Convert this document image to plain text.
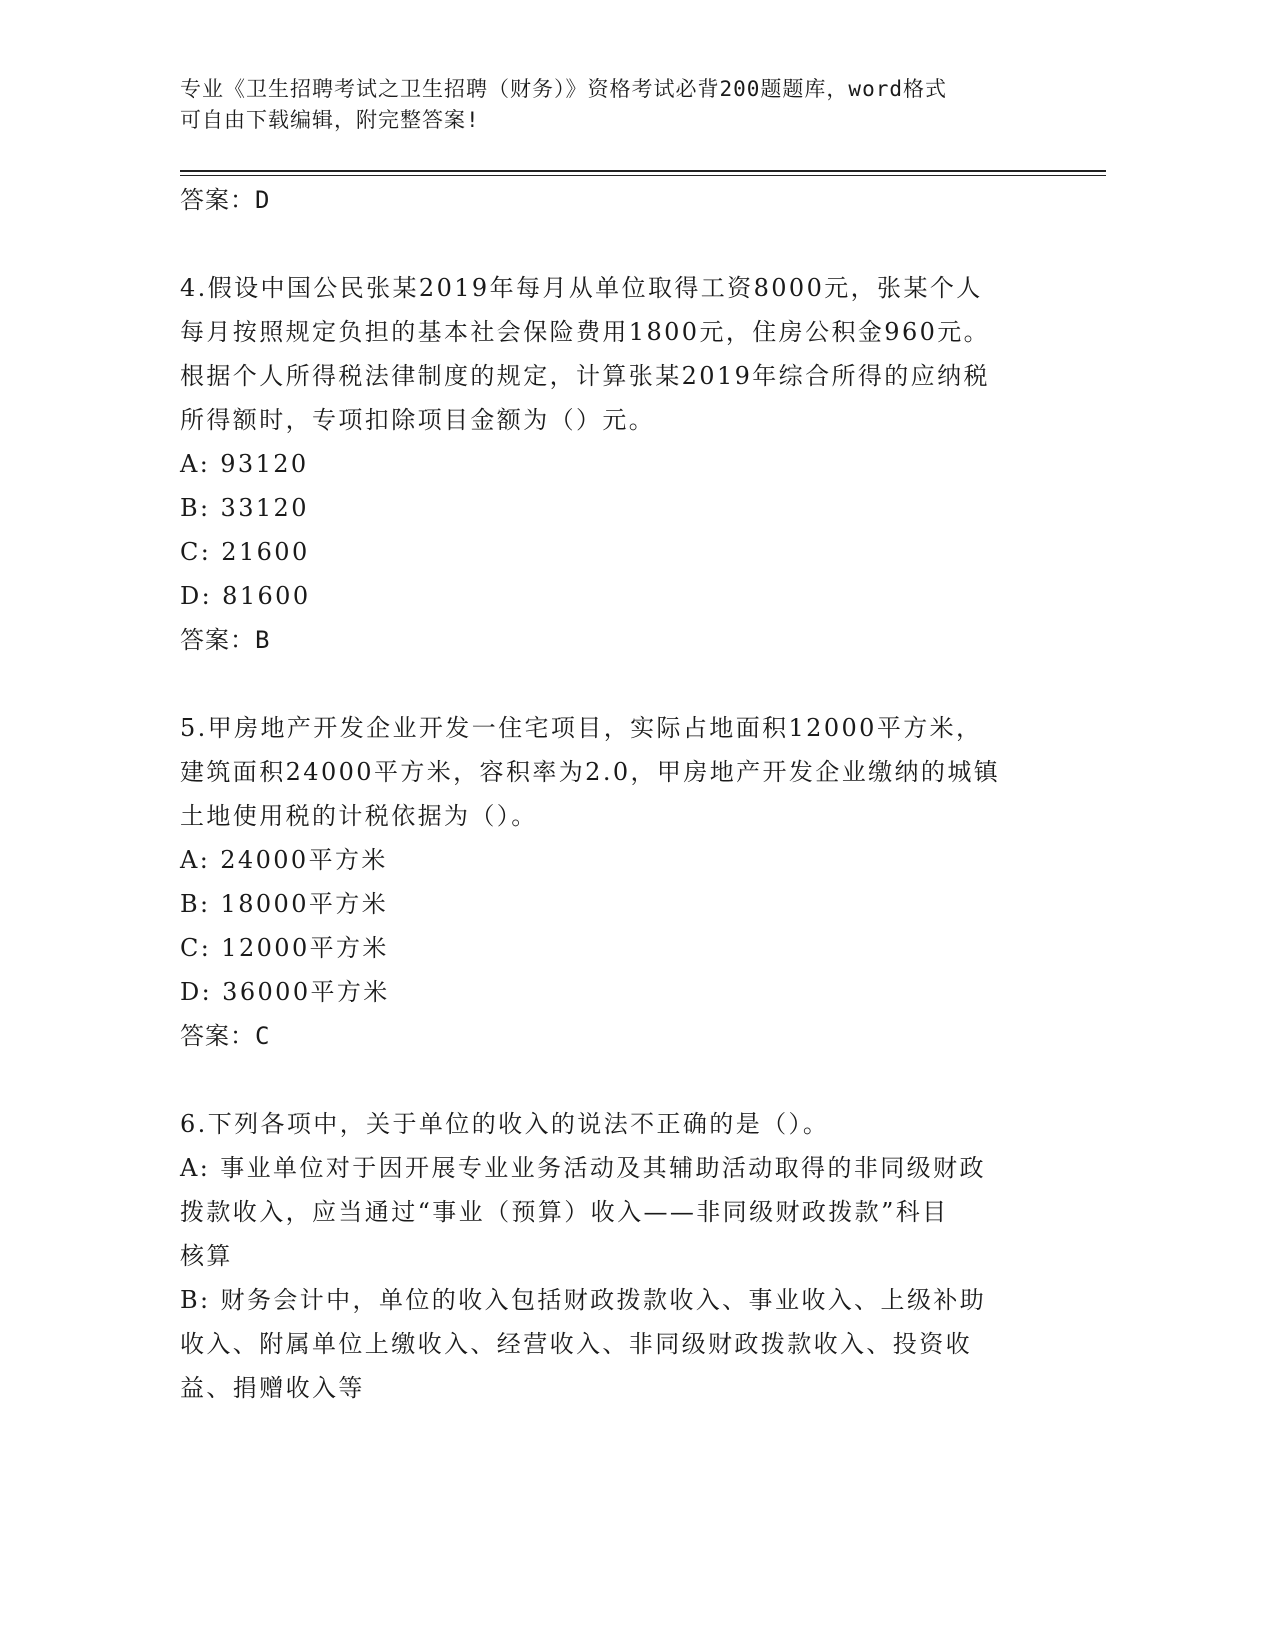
专业《卫生招聘考试之卫生招聘（财务）》资格考试必背200题题库，word格式
可自由下载编辑，附完整答案!
答案：D
4.假设中国公民张某2019年每月从单位取得工资8000元，张某个人
每月按照规定负担的基本社会保险费用1800元，住房公积金960元。
根据个人所得税法律制度的规定，计算张某2019年综合所得的应纳税
所得额时，专项扣除项目金额为（）元。
A: 93120
B: 33120
C: 21600
D: 81600
答案：B
5.甲房地产开发企业开发一住宅项目，实际占地面积12000平方米，
建筑面积24000平方米，容积率为2.0，甲房地产开发企业缴纳的城镇
土地使用税的计税依据为（）。
A: 24000平方米
B: 18000平方米
C: 12000平方米
D: 36000平方米
答案：C
6.下列各项中，关于单位的收入的说法不正确的是（）。
A: 事业单位对于因开展专业业务活动及其辅助活动取得的非同级财政
拨款收入，应当通过“事业（预算）收入——非同级财政拨款”科目
核算
B: 财务会计中，单位的收入包括财政拨款收入、事业收入、上级补助
收入、附属单位上缴收入、经营收入、非同级财政拨款收入、投资收
益、捐赠收入等
